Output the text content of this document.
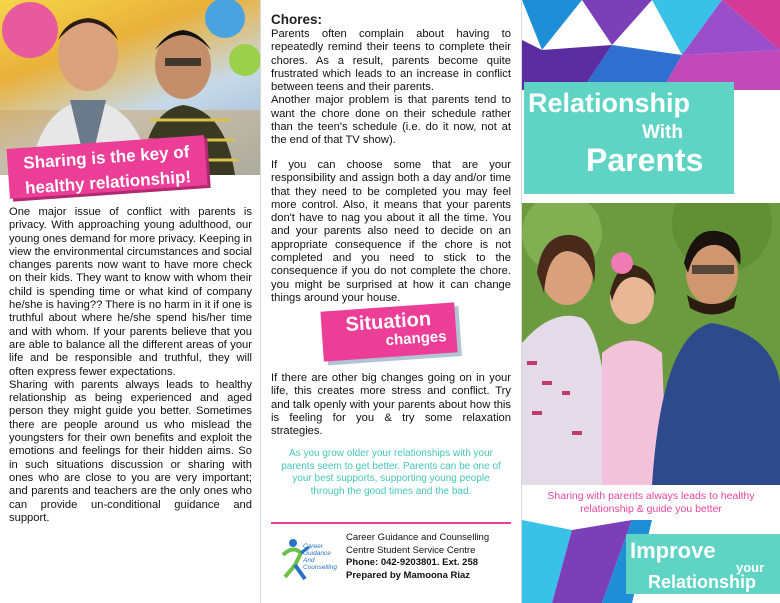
Sharing is the key of
healthy relationship!

One major issue of conflict with parents is privacy. With approaching young adulthood, our young ones demand for more privacy. Keeping in view the environmental circumstances and social changes parents now want to have more check on their kids. They want to know with whom their child is spending time or what kind of company he/she is having?? There is no harm in it if one is truthful about where he/she spend his/her time and with whom. If your parents believe that you are able to balance all the different areas of your life and be responsible and truthful, they will often express fewer expectations.

Sharing with parents always leads to healthy relationship as being experienced and aged person they might guide you better. Sometimes there are people around us who mislead the youngsters for their own benefits and exploit the emotions and feelings for their hidden aims. So in such situations discussion or sharing with ones who are close to you are very important; and parents and teachers are the only ones who can provide un-conditional guidance and support.

Chores:

Parents often complain about having to repeatedly remind their teens to complete their chores. As a result, parents become quite frustrated which leads to an increase in conflict between teens and their parents.

Another major problem is that parents tend to want the chore done on their schedule rather than the teen's schedule (i.e. do it now, not at the end of that TV show).

If you can choose some that are your responsibility and assign both a day and/or time that they need to be completed you may feel more control. Also, it means that your parents don't have to nag you about it all the time. You and your parents also need to decide on an appropriate consequence if the chore is not completed and you need to stick to the consequence if you do not complete the chore. you might be surprised at how it can change things around your house.
Situation
changes
If there are other big changes going on in your life, this creates more stress and conflict. Try and talk openly with your parents about how this is feeling for you & try some relaxation strategies.
As you grow older your relationships with your parents seem to get better. Parents can be one of your best supports, supporting young people through the good times and the bad.
Career
Guidance
And
Counselling
Career Guidance and Counselling
Centre Student Service Centre
Phone: 042-9203801. Ext. 258
Prepared by Mamoona Riaz
Relationship
With
Parents
Sharing with parents always leads to healthy relationship & guide you better
Improve
your
Relationship
